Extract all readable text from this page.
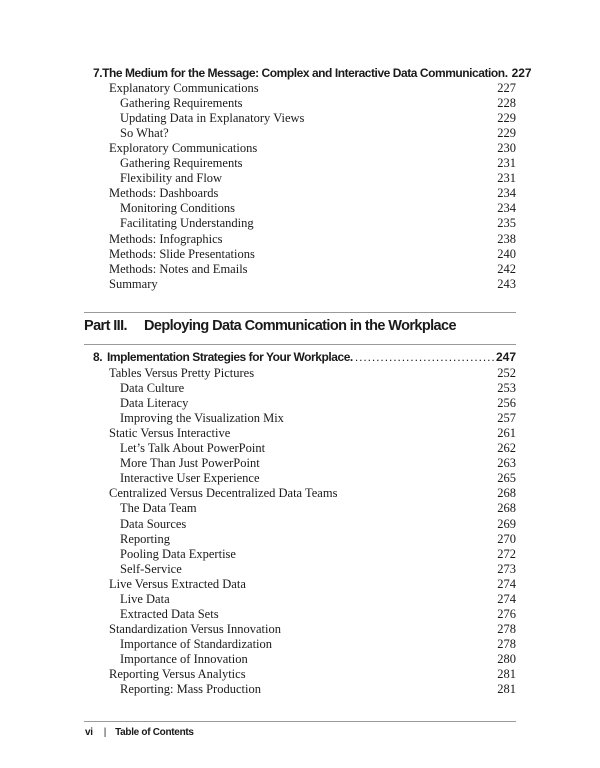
7. The Medium for the Message: Complex and Interactive Data Communication. 227
Explanatory Communications	227
Gathering Requirements	228
Updating Data in Explanatory Views	229
So What?	229
Exploratory Communications	230
Gathering Requirements	231
Flexibility and Flow	231
Methods: Dashboards	234
Monitoring Conditions	234
Facilitating Understanding	235
Methods: Infographics	238
Methods: Slide Presentations	240
Methods: Notes and Emails	242
Summary	243
Part III.	Deploying Data Communication in the Workplace
8. Implementation Strategies for Your Workplace. . . .	247
Tables Versus Pretty Pictures	252
Data Culture	253
Data Literacy	256
Improving the Visualization Mix	257
Static Versus Interactive	261
Let’s Talk About PowerPoint	262
More Than Just PowerPoint	263
Interactive User Experience	265
Centralized Versus Decentralized Data Teams	268
The Data Team	268
Data Sources	269
Reporting	270
Pooling Data Expertise	272
Self-Service	273
Live Versus Extracted Data	274
Live Data	274
Extracted Data Sets	276
Standardization Versus Innovation	278
Importance of Standardization	278
Importance of Innovation	280
Reporting Versus Analytics	281
Reporting: Mass Production	281
vi | Table of Contents
